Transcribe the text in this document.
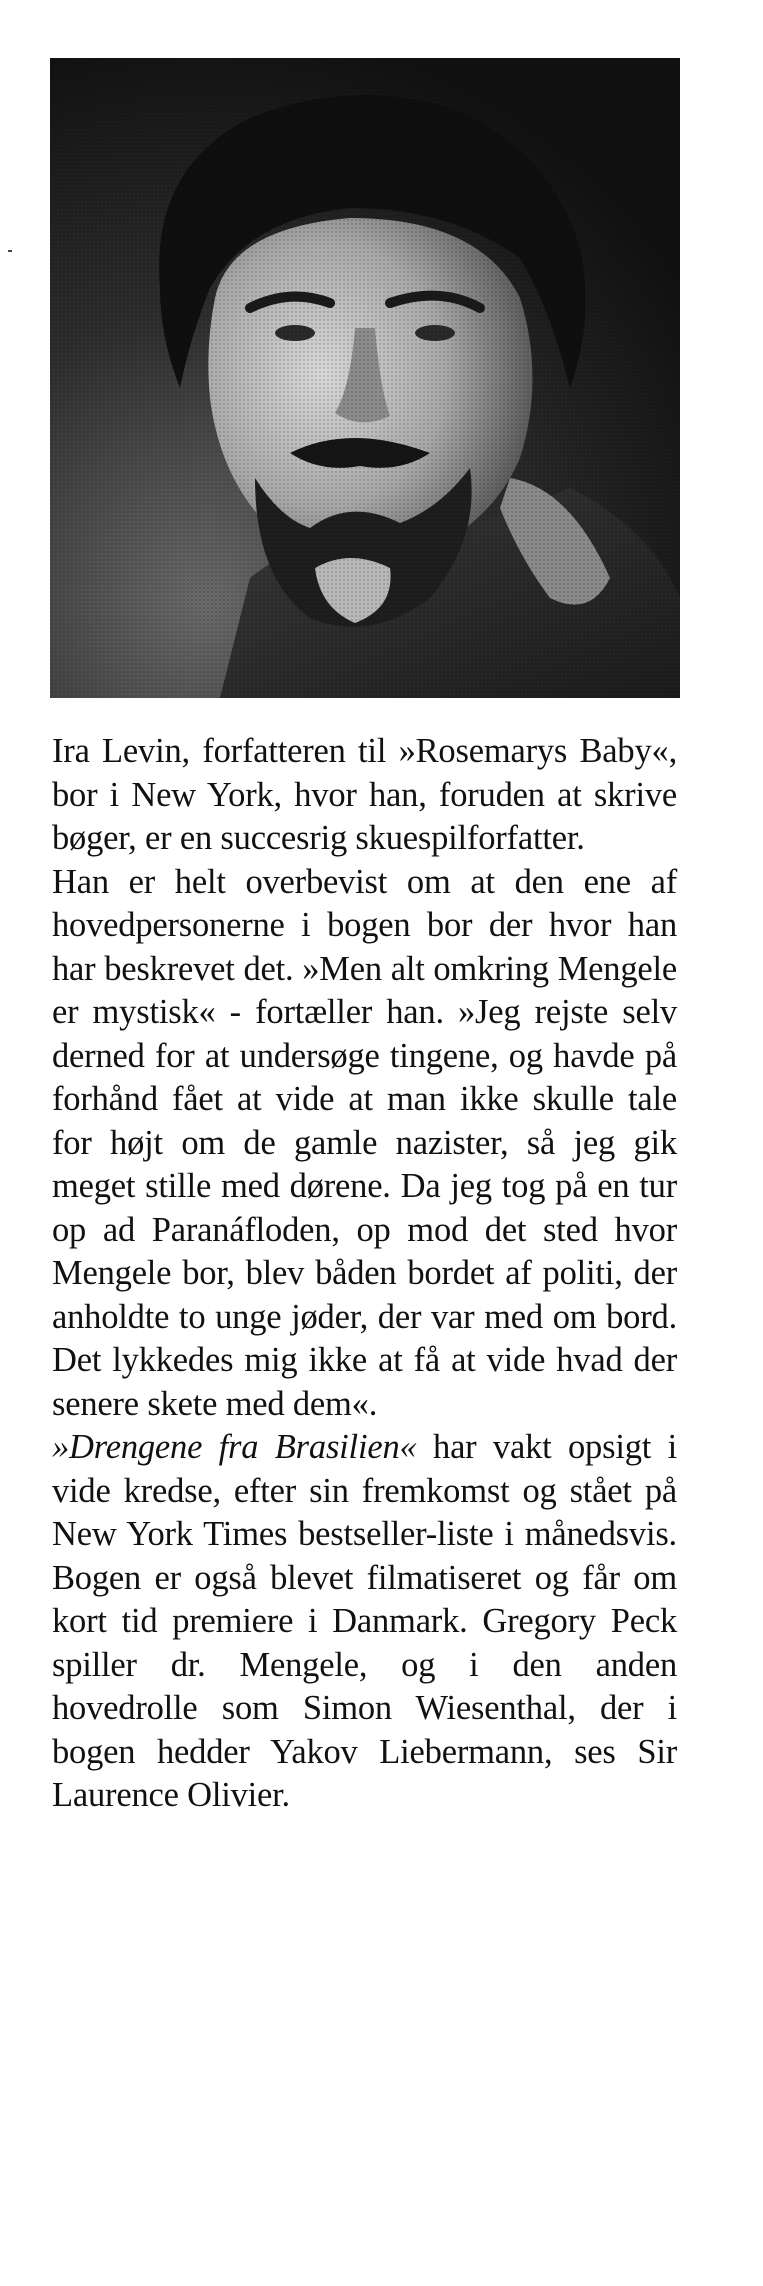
Ira Levin, forfatteren til »Rosemarys Baby«, bor i New York, hvor han, foruden at skrive bøger, er en succesrig skuespilforfatter.

Han er helt overbevist om at den ene af hovedpersonerne i bogen bor der hvor han har beskrevet det. »Men alt omkring Mengele er mystisk« - fortæller han. »Jeg rejste selv derned for at undersøge tingene, og havde på forhånd fået at vide at man ikke skulle tale for højt om de gamle nazister, så jeg gik meget stille med dørene. Da jeg tog på en tur op ad Paranáfloden, op mod det sted hvor Mengele bor, blev båden bordet af politi, der anholdte to unge jøder, der var med om bord. Det lykkedes mig ikke at få at vide hvad der senere skete med dem«.

»Drengene fra Brasilien« har vakt opsigt i vide kredse, efter sin fremkomst og stået på New York Times bestseller-liste i månedsvis. Bogen er også blevet filmatiseret og får om kort tid premiere i Danmark. Gregory Peck spiller dr. Mengele, og i den anden hovedrolle som Simon Wiesenthal, der i bogen hedder Yakov Liebermann, ses Sir Laurence Olivier.
